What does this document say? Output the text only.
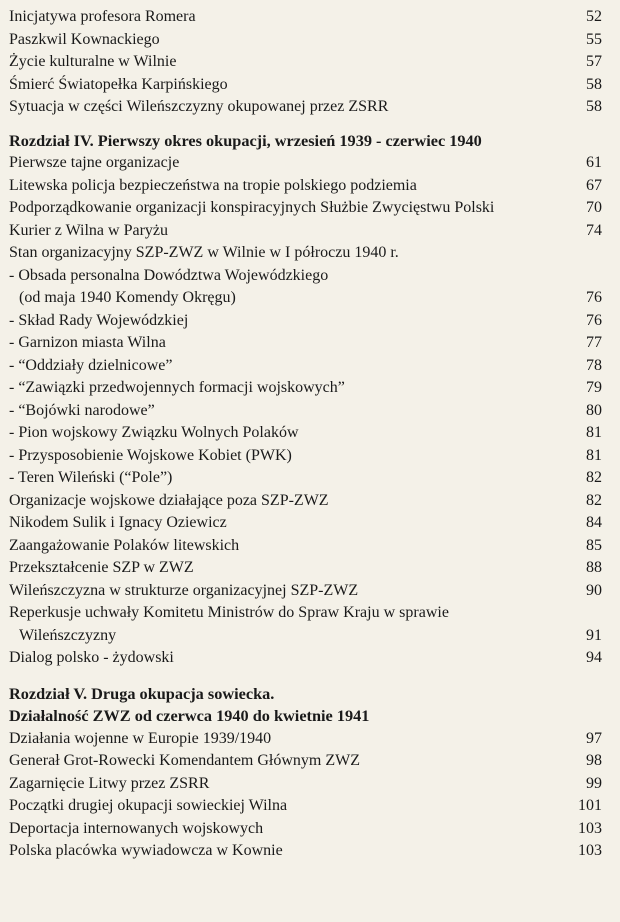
Inicjatywa profesora Romera	52
Paszkwil Kownackiego	55
Życie kulturalne w Wilnie	57
Śmierć Światopełka Karpińskiego	58
Sytuacja w części Wileńszczyzny okupowanej przez ZSRR	58
Rozdział IV. Pierwszy okres okupacji, wrzesień 1939 - czerwiec 1940
Pierwsze tajne organizacje	61
Litewska policja bezpieczeństwa na tropie polskiego podziemia	67
Podporządkowanie organizacji konspiracyjnych Służbie Zwycięstwu Polski	70
Kurier z Wilna w Paryżu	74
Stan organizacyjny SZP-ZWZ w Wilnie w I półroczu 1940 r.
- Obsada personalna Dowództwa Wojewódzkiego
(od maja 1940 Komendy Okręgu)	76
- Skład Rady Wojewódzkiej	76
- Garnizon miasta Wilna	77
- “Oddziały dzielnicowe”	78
- “Zawiązki przedwojennych formacji wojskowych”	79
- “Bojówki narodowe”	80
- Pion wojskowy Związku Wolnych Polaków	81
- Przysposobienie Wojskowe Kobiet (PWK)	81
- Teren Wileński (“Pole”)	82
Organizacje wojskowe działające poza SZP-ZWZ	82
Nikodem Sulik i Ignacy Oziewicz	84
Zaangażowanie Polaków litewskich	85
Przekształcenie SZP w ZWZ	88
Wileńszczyzna w strukturze organizacyjnej SZP-ZWZ	90
Reperkusje uchwały Komitetu Ministrów do Spraw Kraju w sprawie
Wileńszczyzny	91
Dialog polsko - żydowski	94
Rozdział V. Druga okupacja sowiecka.
Działalność ZWZ od czerwca 1940 do kwietnie 1941
Działania wojenne w Europie 1939/1940	97
Generał Grot-Rowecki Komendantem Głównym ZWZ	98
Zagarnięcie Litwy przez ZSRR	99
Początki drugiej okupacji sowieckiej Wilna	101
Deportacja internowanych wojskowych	103
Polska placówka wywiadowcza w Kownie	103
